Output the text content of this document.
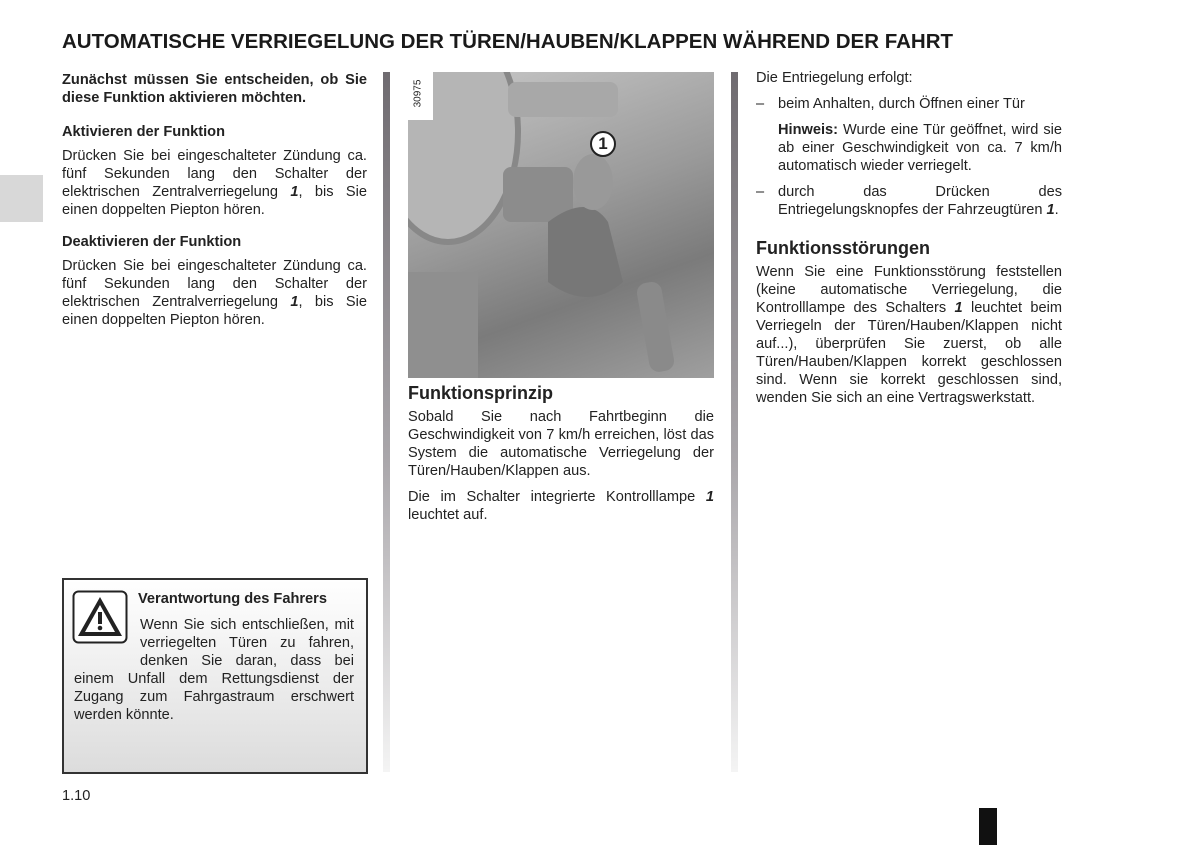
AUTOMATISCHE VERRIEGELUNG DER TÜREN/HAUBEN/KLAPPEN WÄHREND DER FAHRT

Zunächst müssen Sie entscheiden, ob Sie diese Funktion aktivieren möchten.

Aktivieren der Funktion

Drücken Sie bei eingeschalteter Zündung ca. fünf Sekunden lang den Schalter der elektrischen Zentralverriegelung 1, bis Sie einen doppelten Piepton hören.

Deaktivieren der Funktion

Drücken Sie bei eingeschalteter Zündung ca. fünf Sekunden lang den Schalter der elektrischen Zentralverriegelung 1, bis Sie einen doppelten Piepton hören.

Verantwortung des Fahrers
Wenn Sie sich entschließen, mit verriegelten Türen zu fahren, denken Sie daran, dass bei einem Unfall dem Rettungsdienst der Zugang zum Fahrgastraum erschwert werden könnte.
1.10
30975
1
Funktionsprinzip

Sobald Sie nach Fahrtbeginn die Geschwindigkeit von 7 km/h erreichen, löst das System die automatische Verriegelung der Türen/Hauben/Klappen aus.

Die im Schalter integrierte Kontrolllampe 1 leuchtet auf.

Die Entriegelung erfolgt:

– beim Anhalten, durch Öffnen einer Tür
Hinweis: Wurde eine Tür geöffnet, wird sie ab einer Geschwindigkeit von ca. 7 km/h automatisch wieder verriegelt.
– durch das Drücken des Entriegelungsknopfes der Fahrzeugtüren 1.
Funktionsstörungen

Wenn Sie eine Funktionsstörung feststellen (keine automatische Verriegelung, die Kontrolllampe des Schalters 1 leuchtet beim Verriegeln der Türen/Hauben/Klappen nicht auf...), überprüfen Sie zuerst, ob alle Türen/Hauben/Klappen korrekt geschlossen sind. Wenn sie korrekt geschlossen sind, wenden Sie sich an eine Vertragswerkstatt.
